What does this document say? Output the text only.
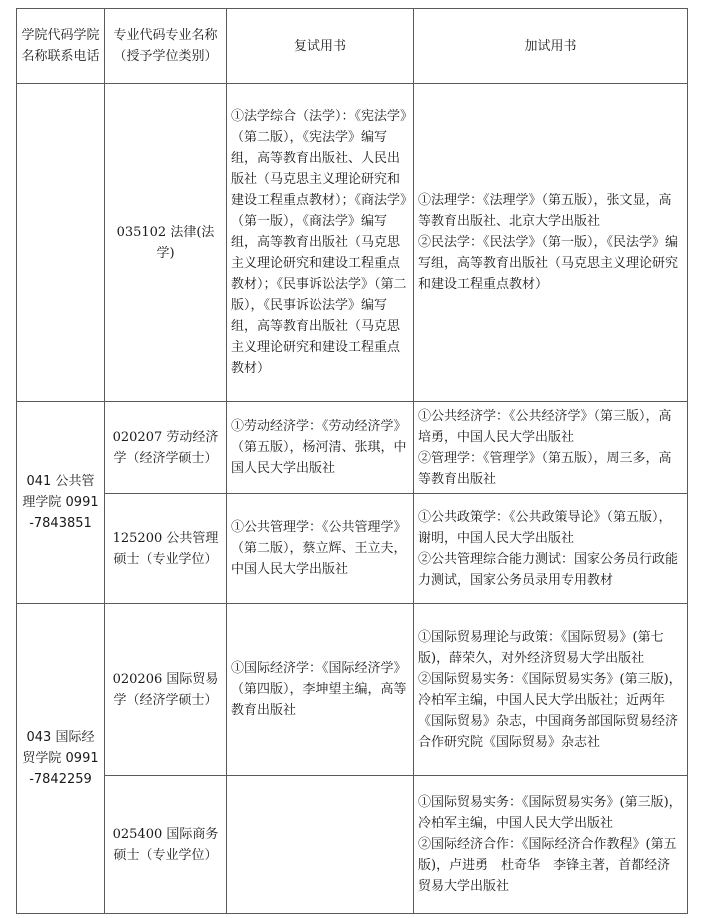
学院代码学院名称联系电话	专业代码专业名称（授予学位类别）	复试用书	加试用书
	035102 法律(法学)	①法学综合（法学）：《宪法学》（第二版），《宪法学》编写组，高等教育出版社、人民出版社（马克思主义理论研究和建设工程重点教材）；《商法学》（第一版），《商法学》编写组，高等教育出版社（马克思主义理论研究和建设工程重点教材）；《民事诉讼法学》（第二版），《民事诉讼法学》编写组，高等教育出版社（马克思主义理论研究和建设工程重点教材）	①法理学：《法理学》（第五版），张文显，高等教育出版社、北京大学出版社
②民法学：《民法学》（第一版），《民法学》编写组，高等教育出版社（马克思主义理论研究和建设工程重点教材）

041 公共管理学院 0991-7843851	020207 劳动经济学（经济学硕士）	①劳动经济学：《劳动经济学》（第五版），杨河清、张琪，中国人民大学出版社	①公共经济学：《公共经济学》（第三版），高培勇，中国人民大学出版社
②管理学：《管理学》（第五版），周三多，高等教育出版社

	125200 公共管理硕士（专业学位）	①公共管理学：《公共管理学》（第二版），蔡立辉、王立夫，中国人民大学出版社	①公共政策学：《公共政策导论》（第五版），谢明，中国人民大学出版社
②公共管理综合能力测试：国家公务员行政能力测试，国家公务员录用专用教材

043 国际经贸学院 0991-7842259	020206 国际贸易学（经济学硕士）	①国际经济学：《国际经济学》（第四版），李坤望主编，高等教育出版社	①国际贸易理论与政策：《国际贸易》(第七版)，薛荣久，对外经济贸易大学出版社
②国际贸易实务：《国际贸易实务》(第三版)，冷柏军主编，中国人民大学出版社；近两年《国际贸易》杂志，中国商务部国际贸易经济合作研究院《国际贸易》杂志社

	025400 国际商务硕士（专业学位）		①国际贸易实务：《国际贸易实务》(第三版)，冷柏军主编，中国人民大学出版社
②国际经济合作：《国际经济合作教程》(第五版)，卢进勇　杜奇华　李锋主著，首都经济贸易大学出版社
